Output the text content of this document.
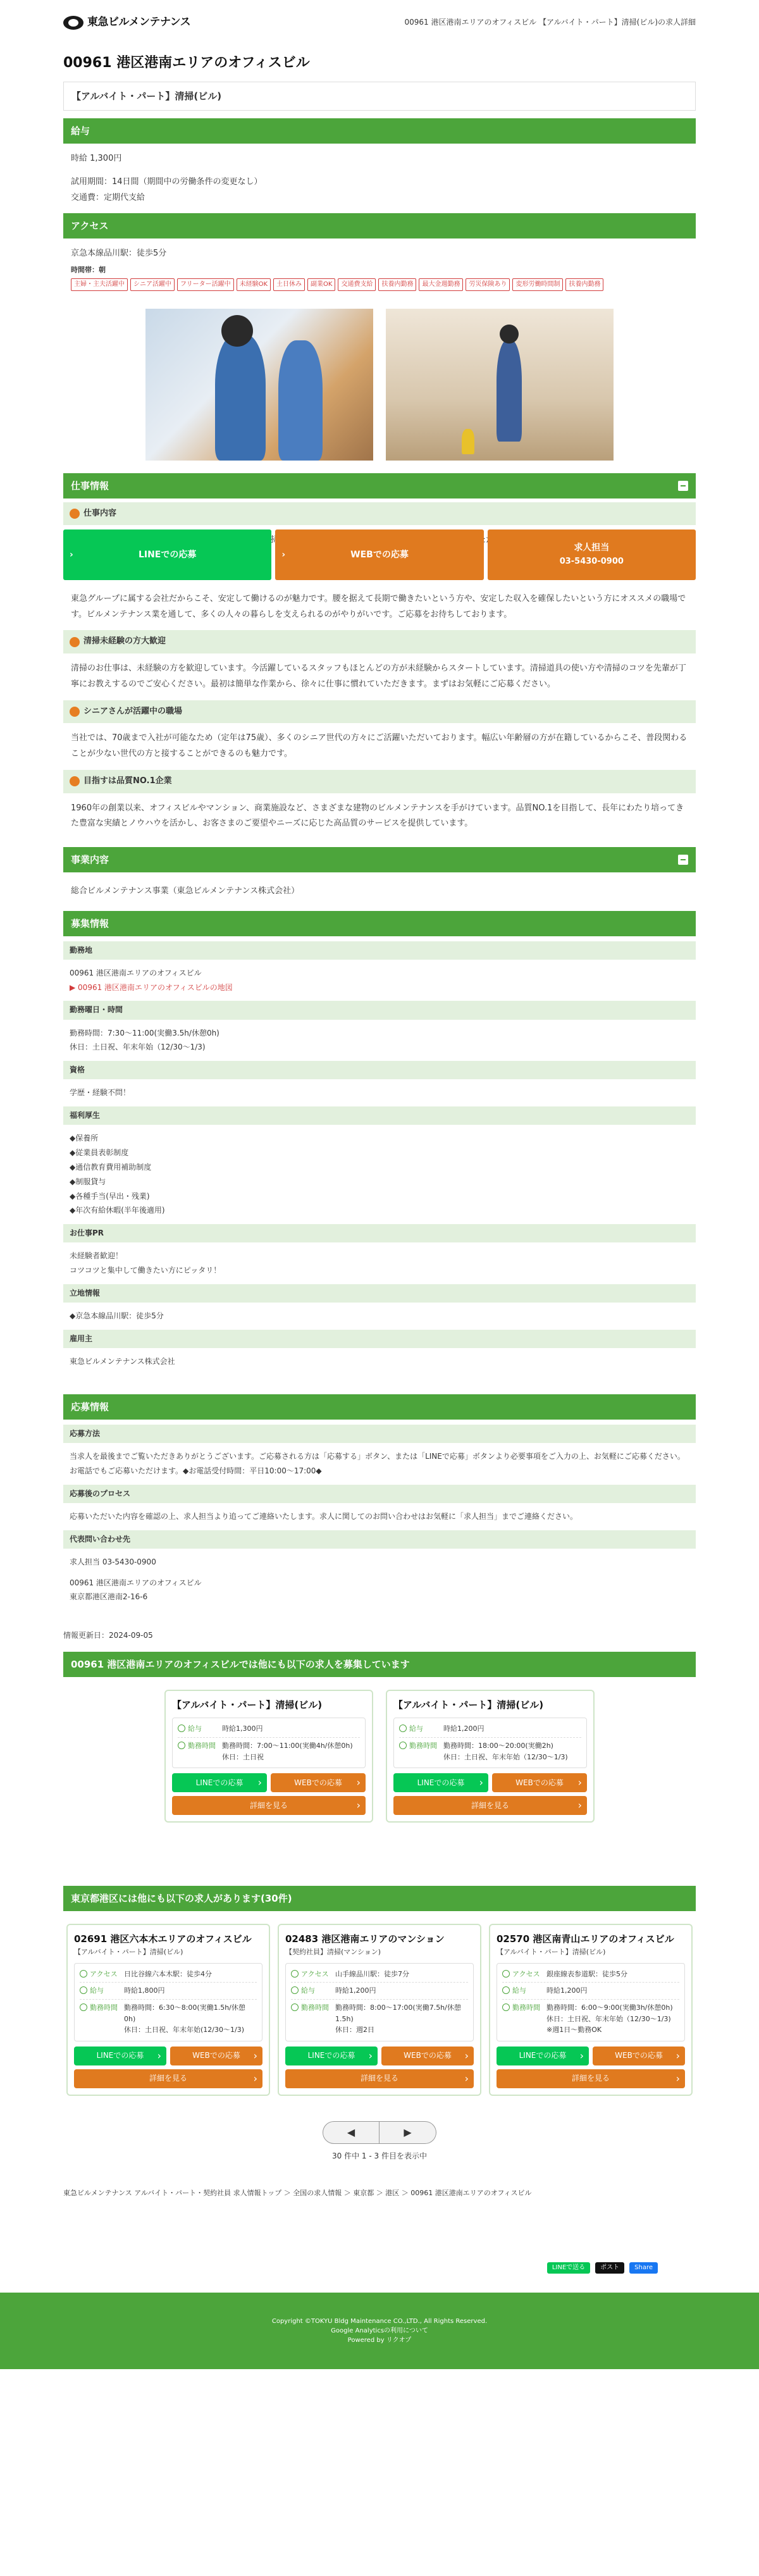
東急ビルメンテナンス	00961 港区港南エリアのオフィスビル 【アルバイト・パート】清掃(ビル)の求人詳細
00961 港区港南エリアのオフィスビル
【アルバイト・パート】清掃(ビル)
給与
時給 1,300円
試用期間：14日間（期間中の労働条件の変更なし）
交通費：定期代支給
アクセス
京急本線品川駅：徒歩5分
時間帯：朝
主婦・主夫活躍中	シニア活躍中	フリーター活躍中	未経験OK	土日休み	副業OK	交通費支給	扶養内勤務	最大金週勤務	労災保険あり	変形労働時間制	扶養内勤務
仕事情報
仕事内容
›	LINEでの応募	›	WEBでの応募
求人担当
03-5430-0900
東急グループに属する会社だからこそ、安定して働けるのが魅力です。腰を据えて長期で働きたいという方や、安定した収入を確保したいという方にオススメの職場です。ビルメンテナンス業を通して、多くの人々の暮らしを支えられるのがやりがいです。ご応募をお待ちしております。
清掃未経験の方大歓迎
清掃のお仕事は、未経験の方を歓迎しています。今活躍しているスタッフもほとんどの方が未経験からスタートしています。清掃道具の使い方や清掃のコツを先輩が丁寧にお教えするのでご安心ください。最初は簡単な作業から、徐々に仕事に慣れていただきます。まずはお気軽にご応募ください。
シニアさんが活躍中の職場
当社では、70歳まで入社が可能なため（定年は75歳）、多くのシニア世代の方々にご活躍いただいております。幅広い年齢層の方が在籍しているからこそ、普段関わることが少ない世代の方と接することができるのも魅力です。
目指すは品質NO.1企業
1960年の創業以来、オフィスビルやマンション、商業施設など、さまざまな建物のビルメンテナンスを手がけています。品質NO.1を目指して、長年にわたり培ってきた豊富な実績とノウハウを活かし、お客さまのご要望やニーズに応じた高品質のサービスを提供しています。
事業内容
総合ビルメンテナンス事業（東急ビルメンテナンス株式会社）
募集情報
勤務地
00961 港区港南エリアのオフィスビル
▶ 00961 港区港南エリアのオフィスビルの地図
勤務曜日・時間
勤務時間：7:30〜11:00(実働3.5h/休憩0h)
休日：土日祝、年末年始（12/30〜1/3)
資格
学歴・経験不問！
福利厚生
◆保養所
◆従業員表彰制度
◆通信教育費用補助制度
◆制服貸与
◆各種手当(早出・残業)
◆年次有給休暇(半年後適用)
お仕事PR
未経験者歓迎！
コツコツと集中して働きたい方にピッタリ！
立地情報
◆京急本線品川駅：徒歩5分
雇用主
東急ビルメンテナンス株式会社
応募情報
応募方法
当求人を最後までご覧いただきありがとうございます。ご応募される方は「応募する」ボタン、または「LINEで応募」ボタンより必要事項をご入力の上、お気軽にご応募ください。お電話でもご応募いただけます。◆お電話受付時間：平日10:00〜17:00◆
応募後のプロセス
応募いただいた内容を確認の上、求人担当より追ってご連絡いたします。求人に関してのお問い合わせはお気軽に「求人担当」までご連絡ください。
代表問い合わせ先
求人担当 03-5430-0900
00961 港区港南エリアのオフィスビル
東京都港区港南2-16-6
情報更新日：2024-09-05
00961 港区港南エリアのオフィスビルでは他にも以下の求人を募集しています
【アルバイト・パート】清掃(ビル)
給与	時給1,300円
勤務時間 勤務時間：7:00〜11:00(実働4h/休憩0h)
休日：土日祝
LINEでの応募 ›	WEBでの応募 ›
詳細を見る ›
【アルバイト・パート】清掃(ビル)
給与	時給1,200円
勤務時間 勤務時間：18:00〜20:00(実働2h)
休日：土日祝、年末年始（12/30〜1/3)
LINEでの応募 ›	WEBでの応募 ›
詳細を見る ›
東京都港区には他にも以下の求人があります(30件)
02691 港区六本木エリアのオフィスビル
【アルバイト・パート】清掃(ビル)
アクセス 日比谷線六本木駅：徒歩4分
給与	時給1,800円
勤務時間 勤務時間：6:30〜8:00(実働1.5h/休憩0h)
休日：土日祝、年末年始(12/30〜1/3)
LINEでの応募 ›	WEBでの応募 ›
詳細を見る ›
02483 港区港南エリアのマンション
【契約社員】清掃(マンション)
アクセス 山手線品川駅：徒歩7分
給与	時給1,200円
勤務時間 勤務時間：8:00〜17:00(実働7.5h/休憩1.5h)
休日：週2日
LINEでの応募 ›	WEBでの応募 ›
詳細を見る ›
02570 港区南青山エリアのオフィスビル
【アルバイト・パート】清掃(ビル)
アクセス 銀座線表参道駅：徒歩5分
給与	時給1,200円
勤務時間 勤務時間：6:00〜9:00(実働3h/休憩0h)
休日：土日祝、年末年始（12/30〜1/3)
※週1日〜勤務OK
LINEでの応募 ›	WEBでの応募 ›
詳細を見る ›
◀	▶
30 件中 1 - 3 件目を表示中
東急ビルメンテナンス アルバイト・パート・契約社員 求人情報トップ ＞ 全国の求人情報 ＞ 東京都 ＞ 港区 ＞ 00961 港区港南エリアのオフィスビル
LINEで送る	ポスト	Share
Copyright ©TOKYU Bldg Maintenance CO.,LTD., All Rights Reserved.
Google Analyticsの利用について
Powered by リクオプ
